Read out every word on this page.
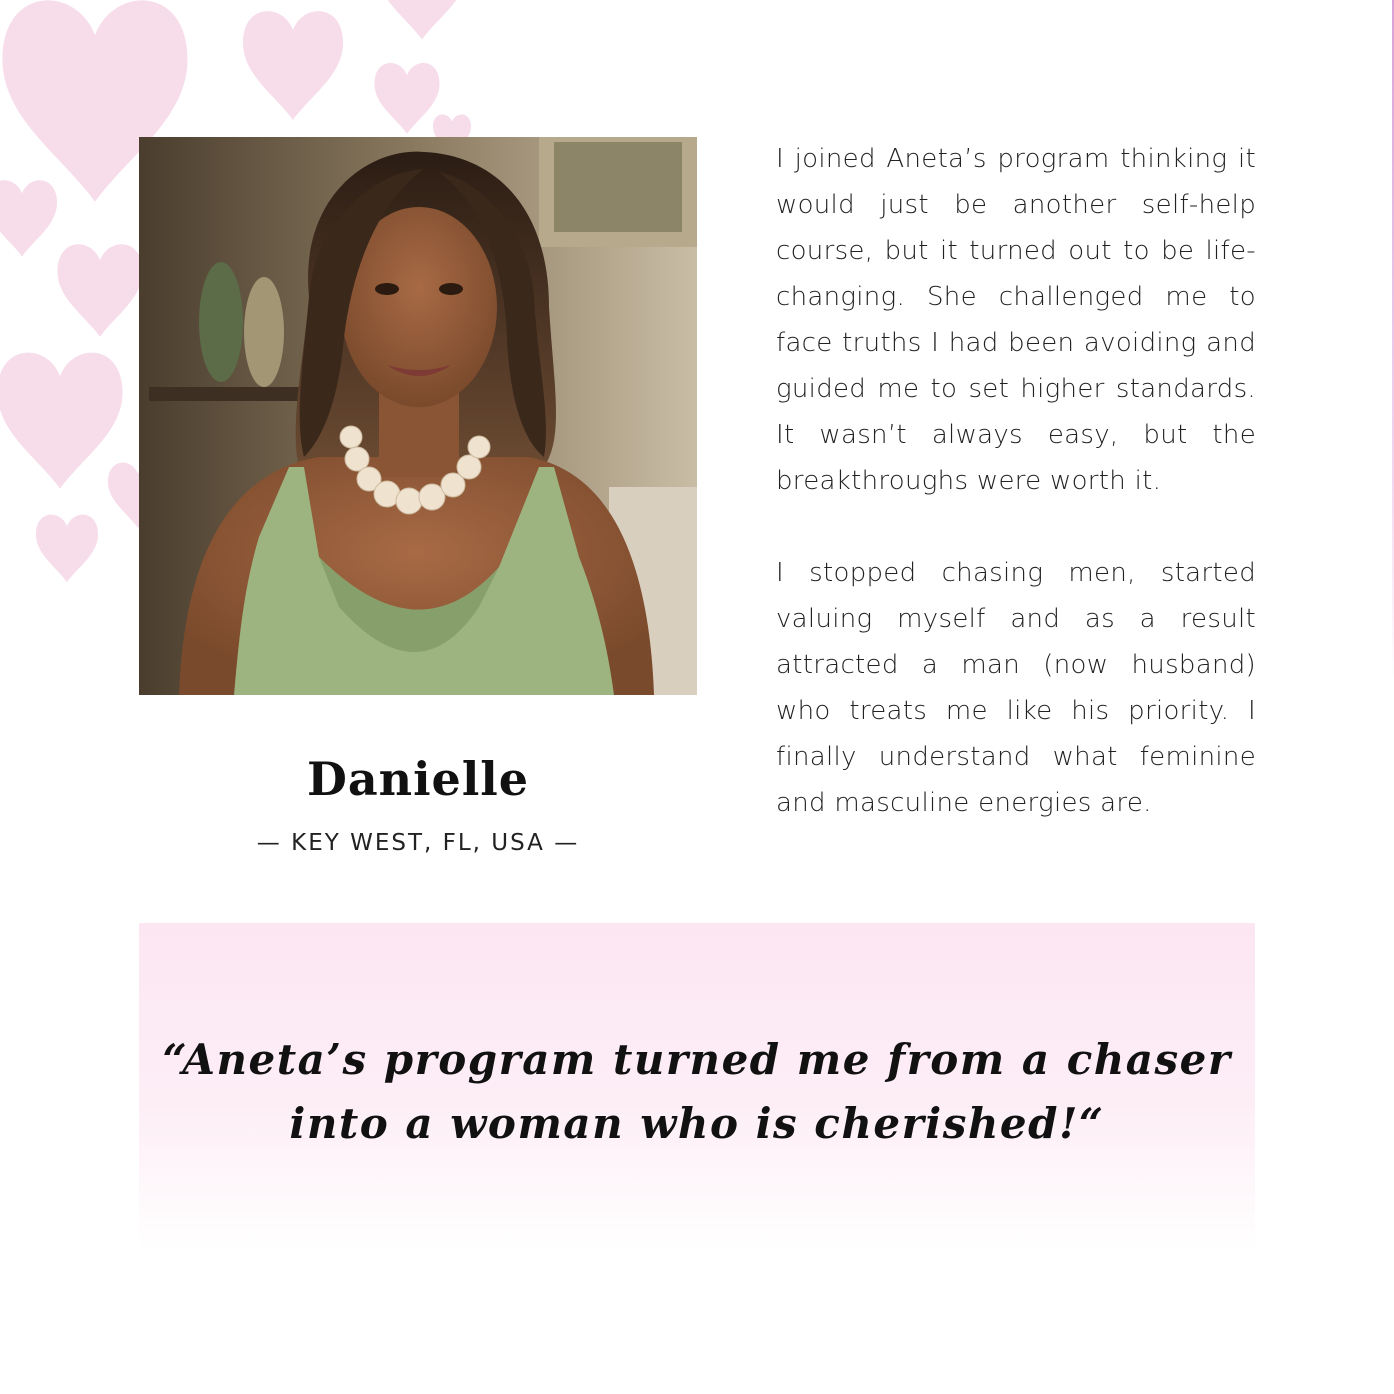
Danielle
— KEY WEST, FL, USA —

I joined Aneta’s program thinking it would just be another self-help course, but it turned out to be life-changing. She challenged me to face truths I had been avoiding and guided me to set higher standards. It wasn’t always easy, but the breakthroughs were worth it.

I stopped chasing men, started valuing myself and as a result attracted a man (now husband) who treats me like his priority. I finally understand what feminine and masculine energies are.

“Aneta’s program turned me from a chaser into a woman who is cherished!“
